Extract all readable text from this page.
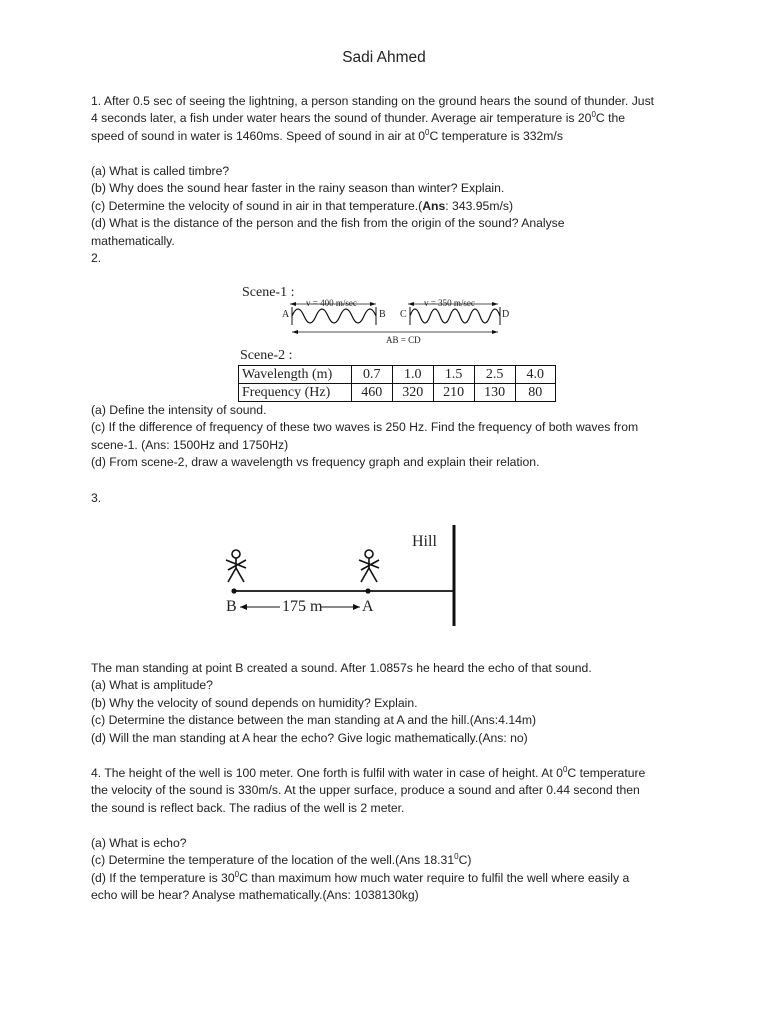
Sadi Ahmed

1. After 0.5 sec of seeing the lightning, a person standing on the ground hears the sound of thunder. Just

4 seconds later, a fish under water hears the sound of thunder. Average air temperature is $20^0C$ the

speed of sound in water is 1460ms. Speed of sound in air at $0^0C$ temperature is 332m/s

(a) What is called timbre?

(b) Why does the sound hear faster in the rainy season than winter? Explain.

(c) Determine the velocity of sound in air in that temperature.(Ans: 343.95m/s)

(d) What is the distance of the person and the fish from the origin of the sound? Analyse

mathematically.

2.

Scene-1 :
v = 400 m/sec	v = 350 m/sec
A	B C	D
AB = CD
Scene-2 :
Wavelength (m)	0.7	1.0	1.5	2.5	4.0
Frequency (Hz)	460	320	210	130	80

(a) Define the intensity of sound.

(c) If the difference of frequency of these two waves is 250 Hz. Find the frequency of both waves from

scene-1. (Ans: 1500Hz and 1750Hz)

(d) From scene-2, draw a wavelength vs frequency graph and explain their relation.

3.

Hill
B	175 m A

The man standing at point B created a sound. After 1.0857s he heard the echo of that sound.

(a) What is amplitude?

(b) Why the velocity of sound depends on humidity? Explain.

(c) Determine the distance between the man standing at A and the hill.(Ans:4.14m)

(d) Will the man standing at A hear the echo? Give logic mathematically.(Ans: no)

4. The height of the well is 100 meter. One forth is fulfil with water in case of height. At $0^0C$ temperature

the velocity of the sound is 330m/s. At the upper surface, produce a sound and after 0.44 second then

the sound is reflect back. The radius of the well is 2 meter.

(a) What is echo?

(c) Determine the temperature of the location of the well.(Ans 18.31$^0$C)

(d) If the temperature is $30^0C$ than maximum how much water require to fulfil the well where easily a

echo will be hear? Analyse mathematically.(Ans: 1038130kg)
